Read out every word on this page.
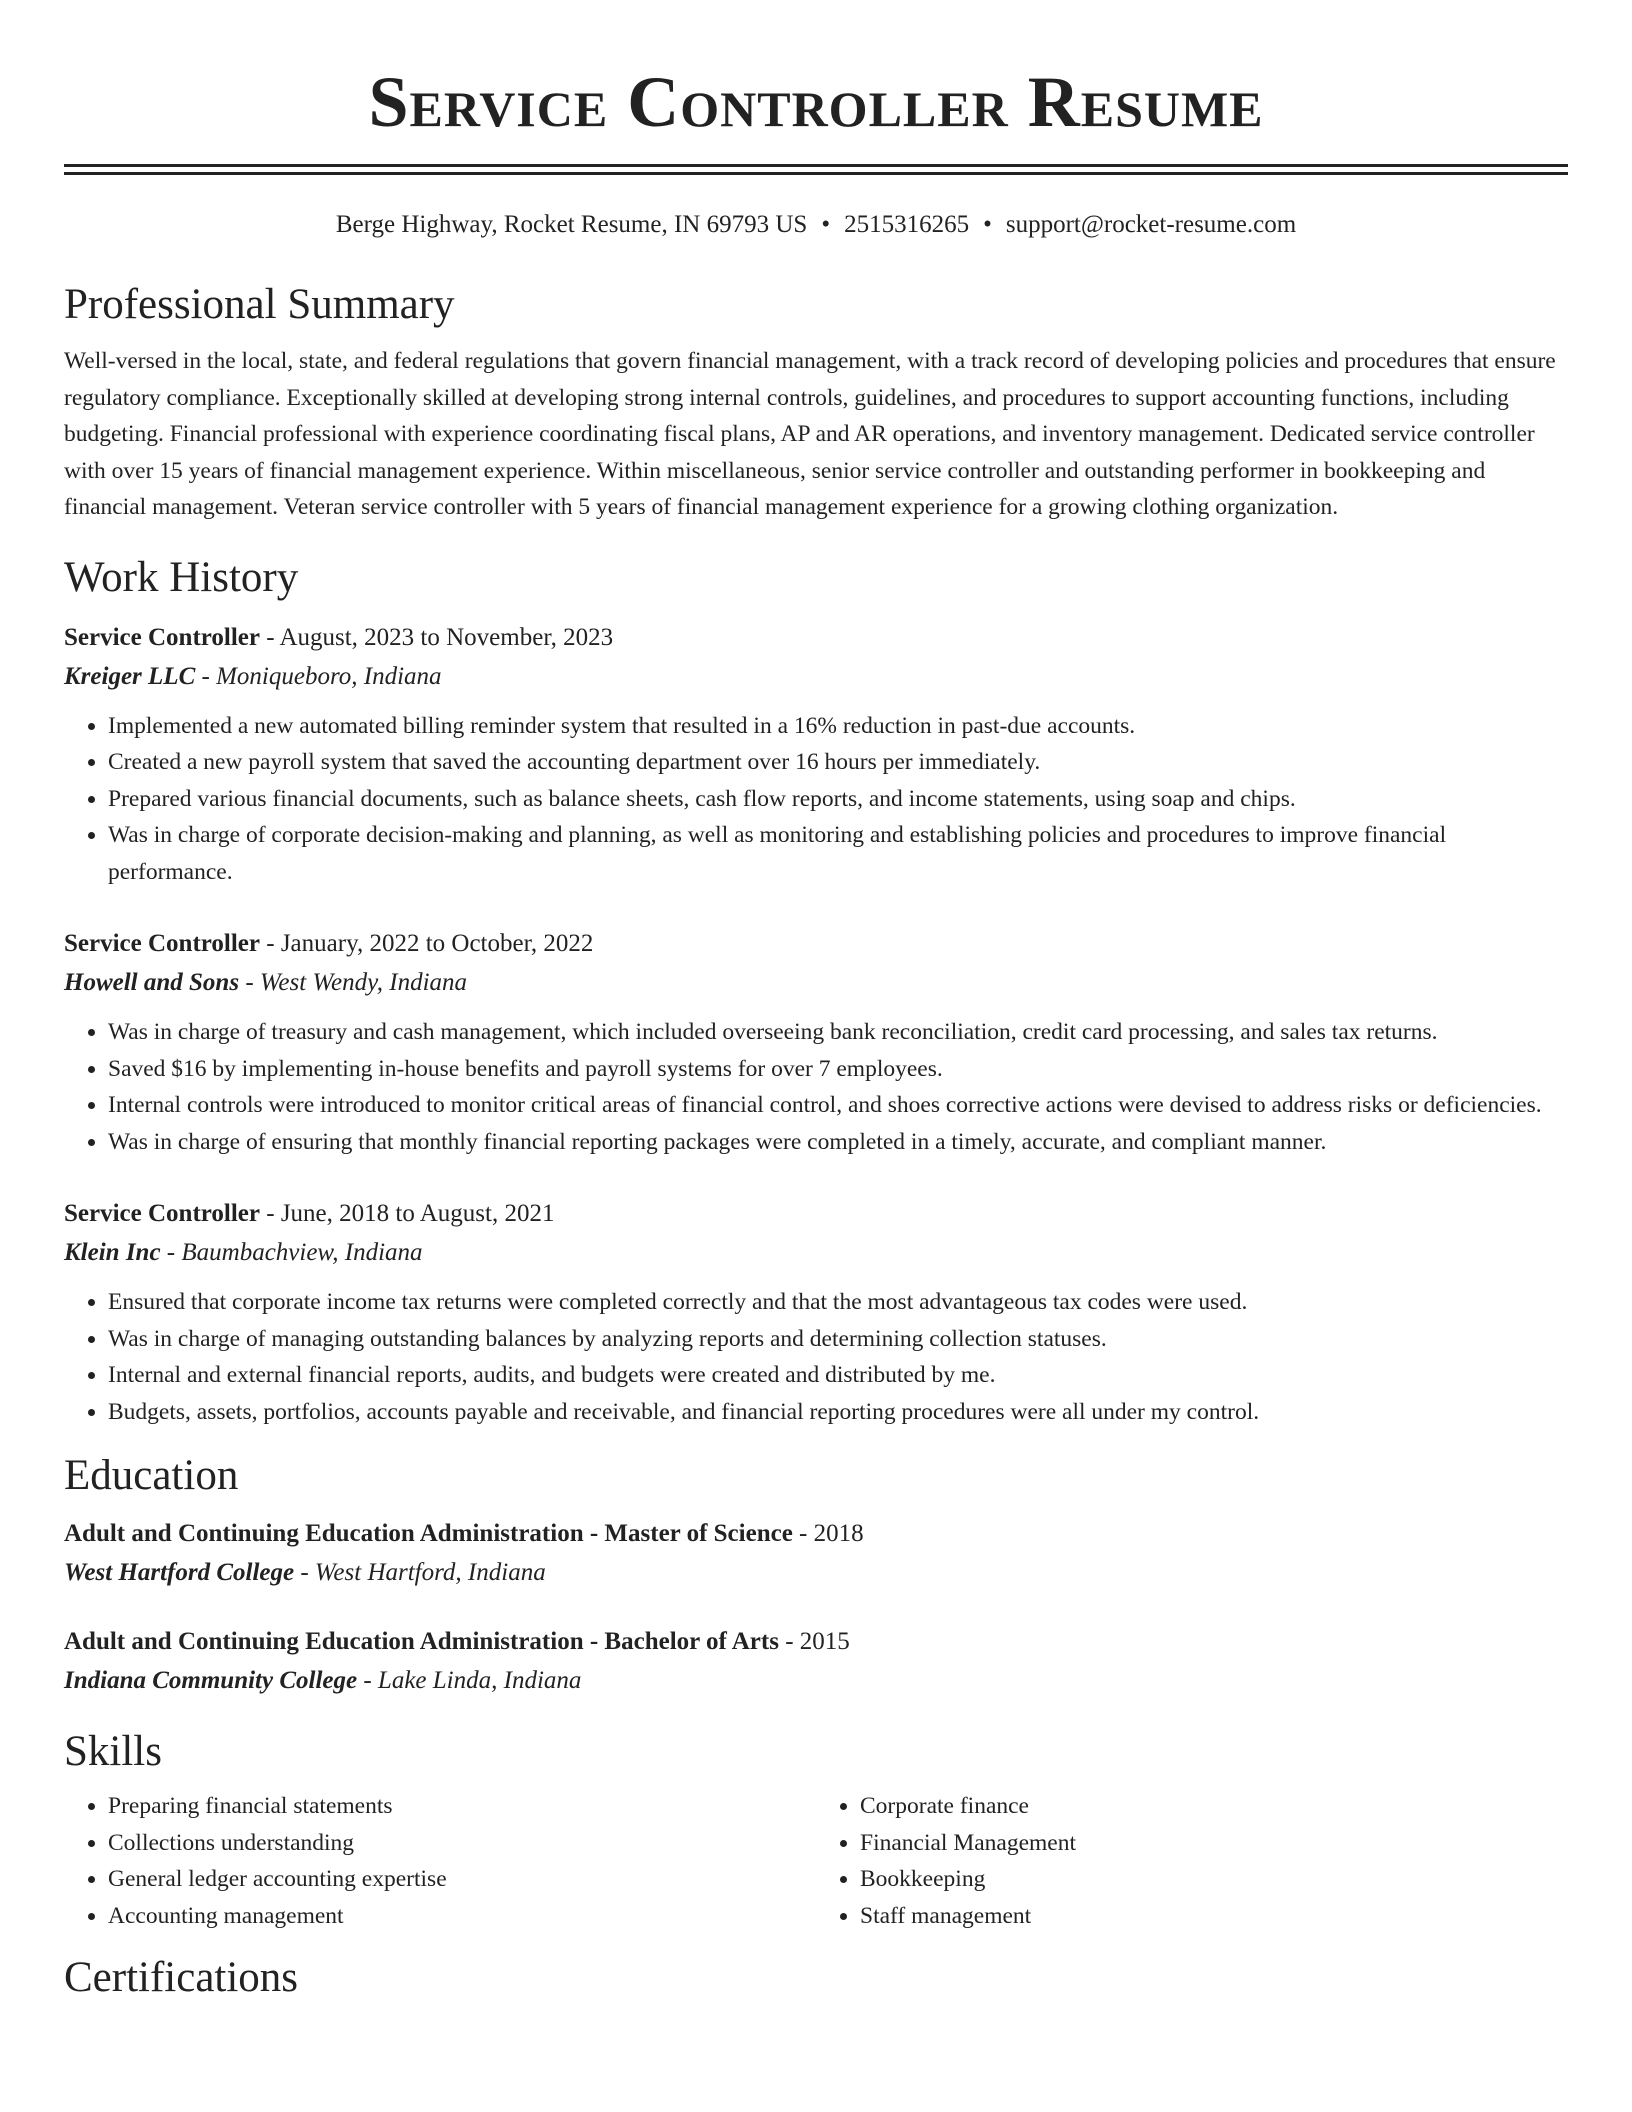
Service Controller Resume
Berge Highway, Rocket Resume, IN 69793 US • 2515316265 • support@rocket-resume.com
Professional Summary

Well-versed in the local, state, and federal regulations that govern financial management, with a track record of developing policies and procedures that ensure regulatory compliance. Exceptionally skilled at developing strong internal controls, guidelines, and procedures to support accounting functions, including budgeting. Financial professional with experience coordinating fiscal plans, AP and AR operations, and inventory management. Dedicated service controller with over 15 years of financial management experience. Within miscellaneous, senior service controller and outstanding performer in bookkeeping and financial management. Veteran service controller with 5 years of financial management experience for a growing clothing organization.

Work History
Service Controller - August, 2023 to November, 2023
Kreiger LLC - Moniqueboro, Indiana
• Implemented a new automated billing reminder system that resulted in a 16% reduction in past-due accounts.
• Created a new payroll system that saved the accounting department over 16 hours per immediately.
• Prepared various financial documents, such as balance sheets, cash flow reports, and income statements, using soap and chips.
• Was in charge of corporate decision-making and planning, as well as monitoring and establishing policies and procedures to improve financial performance.
Service Controller - January, 2022 to October, 2022
Howell and Sons - West Wendy, Indiana
• Was in charge of treasury and cash management, which included overseeing bank reconciliation, credit card processing, and sales tax returns.
• Saved $16 by implementing in-house benefits and payroll systems for over 7 employees.
• Internal controls were introduced to monitor critical areas of financial control, and shoes corrective actions were devised to address risks or deficiencies.
• Was in charge of ensuring that monthly financial reporting packages were completed in a timely, accurate, and compliant manner.
Service Controller - June, 2018 to August, 2021
Klein Inc - Baumbachview, Indiana
• Ensured that corporate income tax returns were completed correctly and that the most advantageous tax codes were used.
• Was in charge of managing outstanding balances by analyzing reports and determining collection statuses.
• Internal and external financial reports, audits, and budgets were created and distributed by me.
• Budgets, assets, portfolios, accounts payable and receivable, and financial reporting procedures were all under my control.
Education
Adult and Continuing Education Administration - Master of Science - 2018
West Hartford College - West Hartford, Indiana
Adult and Continuing Education Administration - Bachelor of Arts - 2015
Indiana Community College - Lake Linda, Indiana
Skills
• Preparing financial statements
• Collections understanding
• General ledger accounting expertise
• Accounting management
• Corporate finance
• Financial Management
• Bookkeeping
• Staff management
Certifications
